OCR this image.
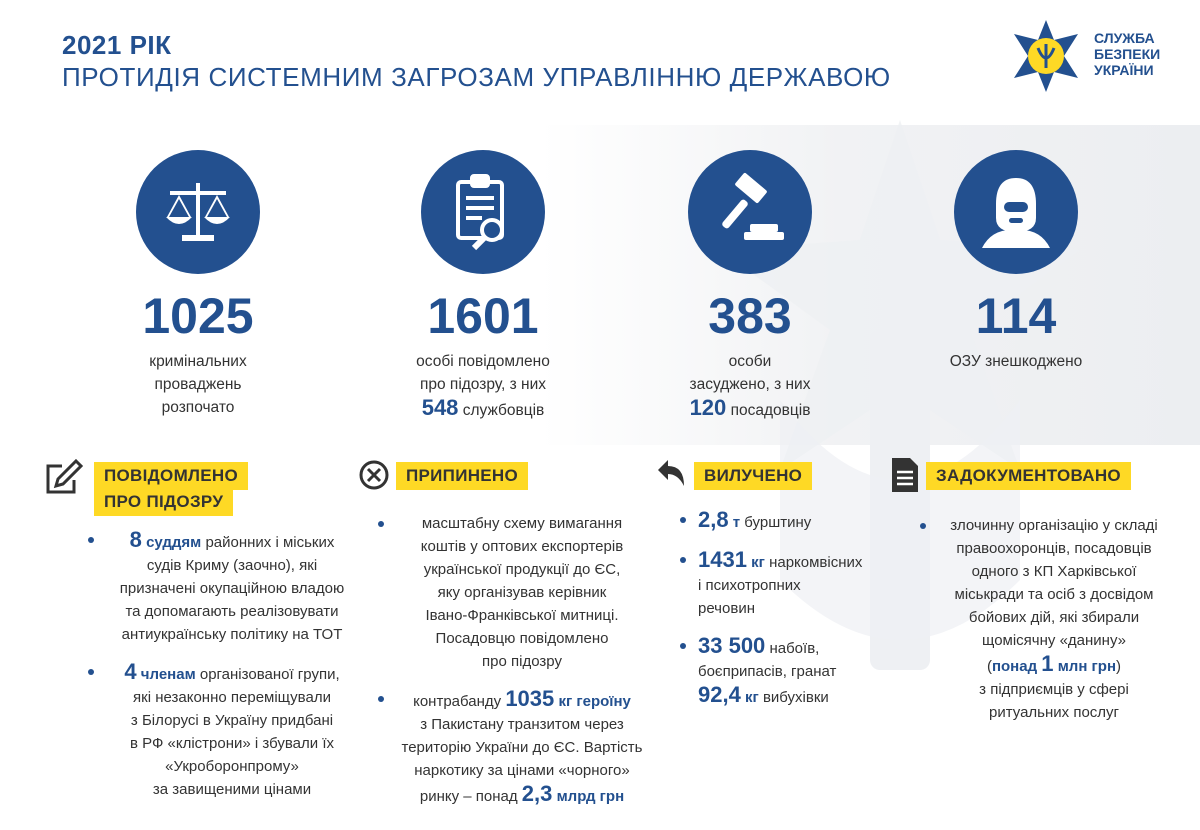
2021 РІК
ПРОТИДІЯ СИСТЕМНИМ ЗАГРОЗАМ УПРАВЛІННЮ ДЕРЖАВОЮ
СЛУЖБА
БЕЗПЕКИ
УКРАЇНИ
1025
кримінальних
проваджень
розпочато
1601
особі повідомлено
про підозру, з них
548 службовців
383
особи
засуджено, з них
120 посадовців
114
ОЗУ знешкоджено
ПОВІДОМЛЕНО
ПРО ПІДОЗРУ
8 суддям районних і міських
судів Криму (заочно), які
призначені окупаційною владою
та допомагають реалізовувати
антиукраїнську політику на ТОТ
4 членам організованої групи,
які незаконно переміщували
з Білорусі в Україну придбані
в РФ «клістрони» і збували їх
«Укроборонпрому»
за завищеними цінами
ПРИПИНЕНО
масштабну схему вимагання
коштів у оптових експортерів
української продукції до ЄС,
яку організував керівник
Івано-Франківської митниці.
Посадовцю повідомлено
про підозру
контрабанду 1035 кг героїну
з Пакистану транзитом через
територію України до ЄС. Вартість
наркотику за цінами «чорного»
ринку – понад 2,3 млрд грн
ВИЛУЧЕНО
2,8 т бурштину
1431 кг наркомвісних
і психотропних
речовин
33 500 набоїв,
боєприпасів, гранат
92,4 кг вибухівки
ЗАДОКУМЕНТОВАНО
злочинну організацію у складі
правоохоронців, посадовців
одного з КП Харківської
міськради та осіб з досвідом
бойових дій, які збирали
щомісячну «данину»
(понад 1 млн грн)
з підприємців у сфері
ритуальних послуг
